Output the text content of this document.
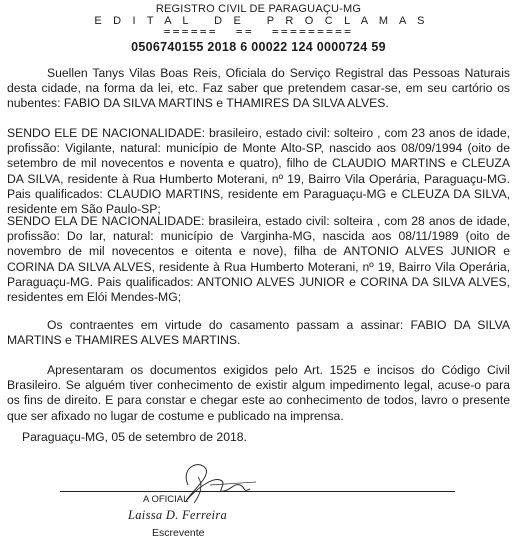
REGISTRO CIVIL DE PARAGUAÇU-MG
E D I T A L   D E   P R O C L A M A S
======  ==  =========
0506740155 2018 6 00022 124 0000724 59

Suellen Tanys Vilas Boas Reis, Oficiala do Serviço Registral das Pessoas Naturais desta cidade, na forma da lei, etc. Faz saber que pretendem casar-se, em seu cartório os nubentes: FABIO DA SILVA MARTINS e THAMIRES DA SILVA ALVES.

SENDO ELE DE NACIONALIDADE: brasileiro, estado civil: solteiro , com 23 anos de idade, profissão: Vigilante, natural: município de Monte Alto-SP, nascido aos 08/09/1994 (oito de setembro de mil novecentos e noventa e quatro), filho de CLAUDIO MARTINS e CLEUZA DA SILVA, residente à Rua Humberto Moterani, nº 19, Bairro Vila Operária, Paraguaçu-MG. Pais qualificados: CLAUDIO MARTINS, residente em Paraguaçu-MG e CLEUZA DA SILVA, residente em São Paulo-SP;

SENDO ELA DE NACIONALIDADE: brasileira, estado civil: solteira , com 28 anos de idade, profissão: Do lar, natural: município de Varginha-MG, nascida aos 08/11/1989 (oito de novembro de mil novecentos e oitenta e nove), filha de ANTONIO ALVES JUNIOR e CORINA DA SILVA ALVES, residente à Rua Humberto Moterani, nº 19, Bairro Vila Operária, Paraguaçu-MG. Pais qualificados: ANTONIO ALVES JUNIOR e CORINA DA SILVA ALVES, residentes em Elói Mendes-MG;

Os contraentes em virtude do casamento passam a assinar: FABIO DA SILVA MARTINS e THAMIRES ALVES MARTINS.

Apresentaram os documentos exigidos pelo Art. 1525 e incisos do Código Civil Brasileiro. Se alguém tiver conhecimento de existir algum impedimento legal, acuse-o para os fins de direito. E para constar e chegar este ao conhecimento de todos, lavro o presente que ser afixado no lugar de costume e publicado na imprensa.

Paraguaçu-MG, 05 de setembro de 2018.
A OFICIAL
Laissa D. Ferreira
Escrevente
